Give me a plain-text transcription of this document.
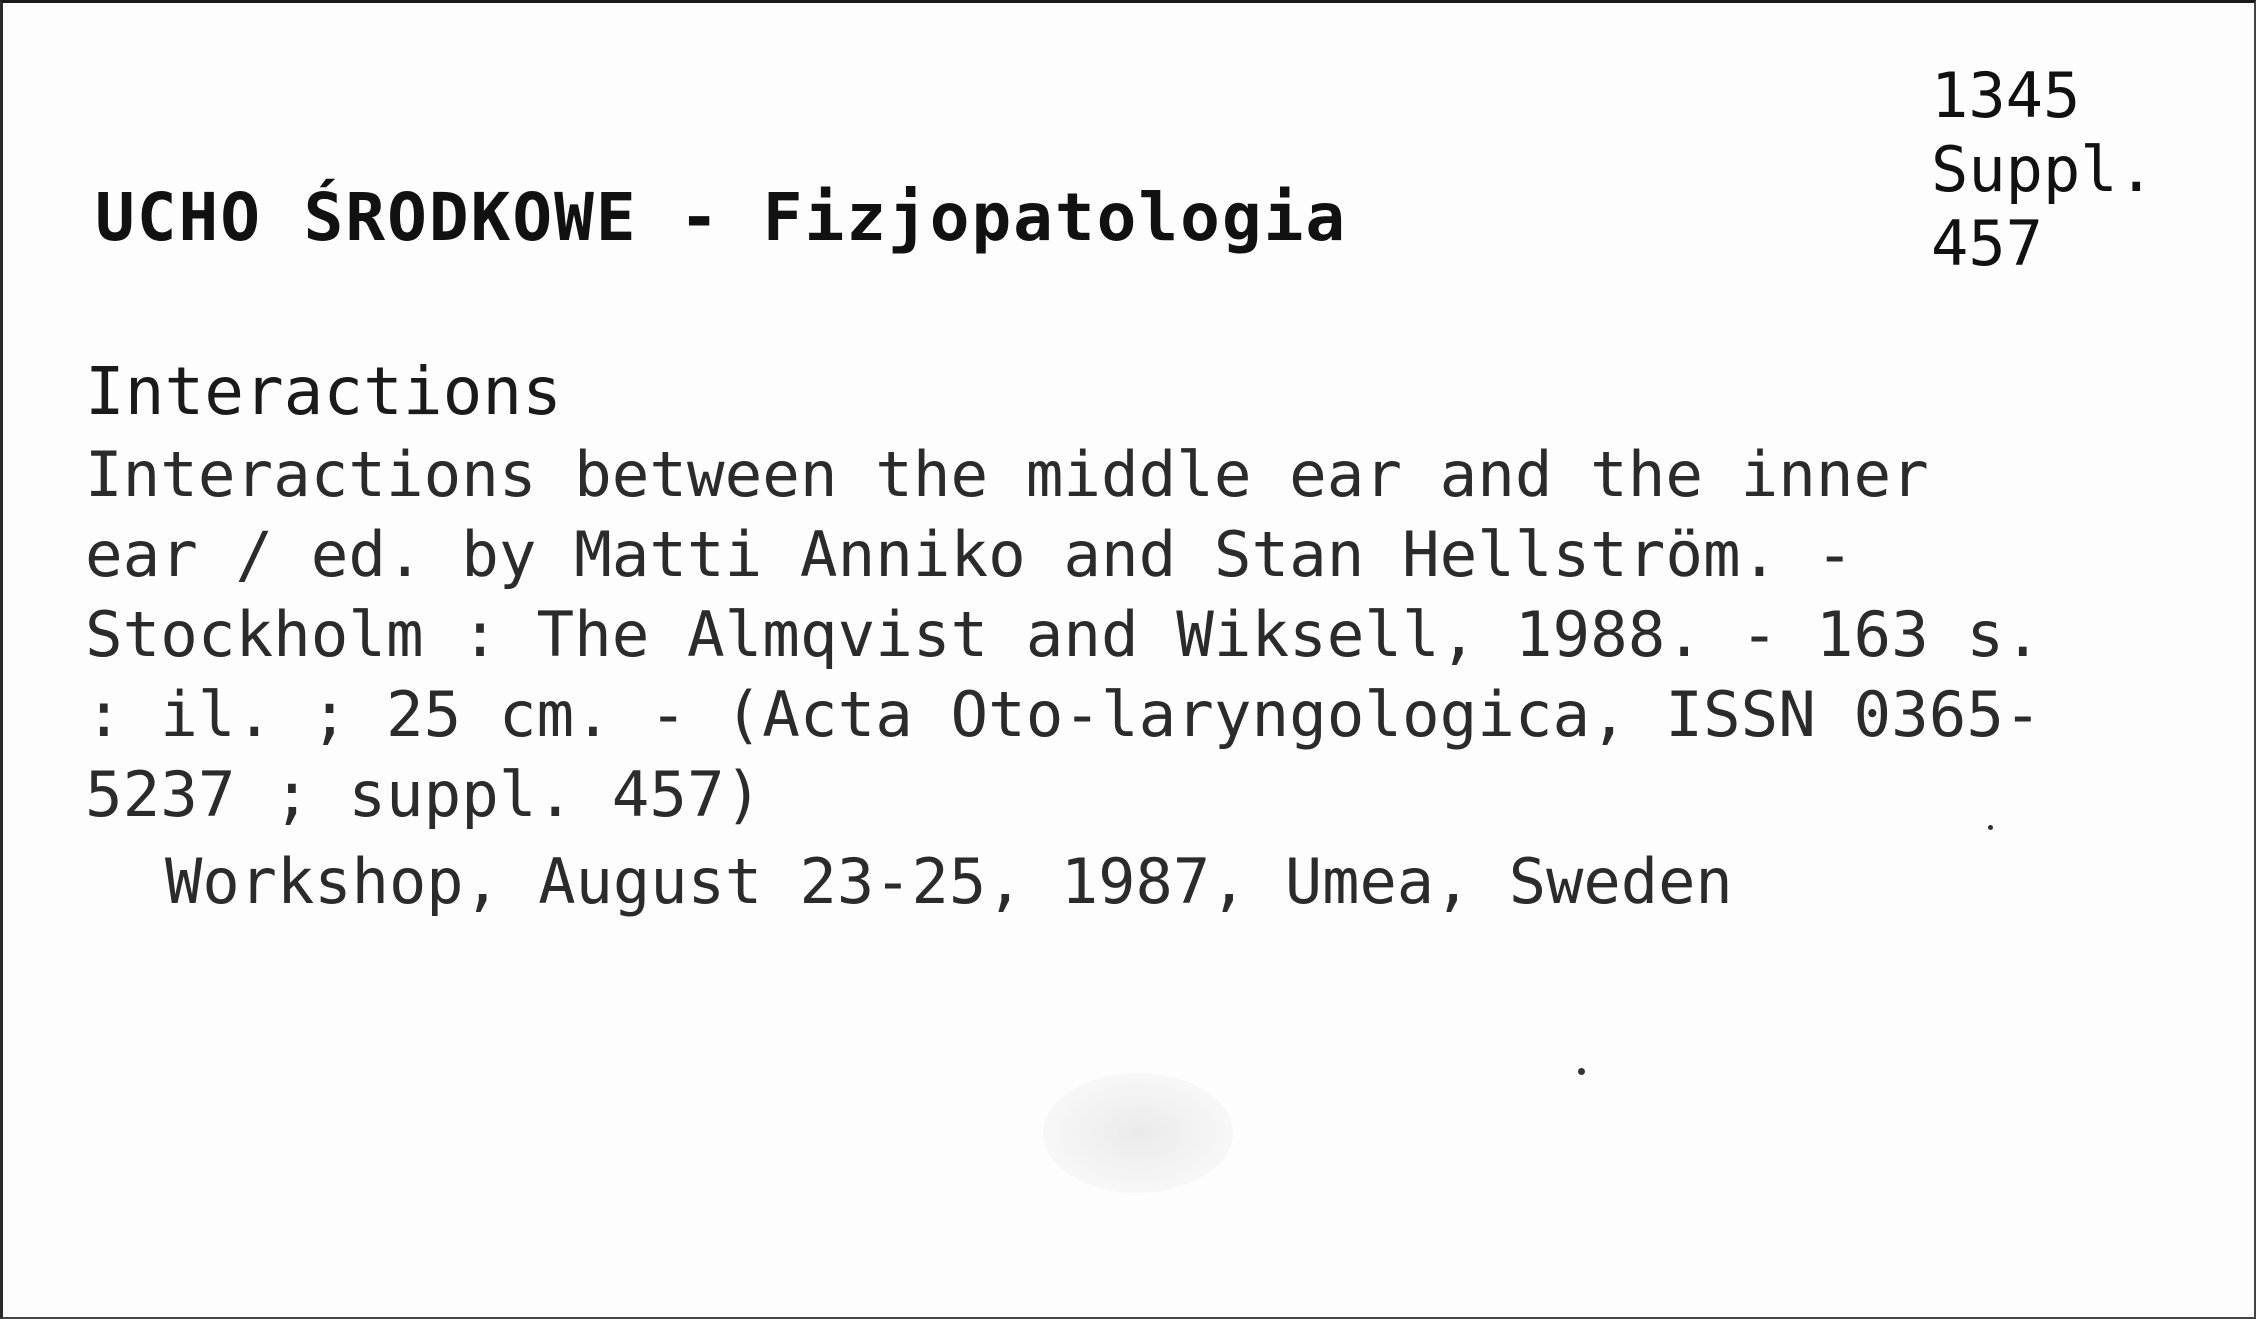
UCHO ŚRODKOWE - Fizjopatologia
1345
Suppl.
457
Interactions
Interactions between the middle ear and the inner
ear / ed. by Matti Anniko and Stan Hellström. -
Stockholm : The Almqvist and Wiksell, 1988. - 163 s.
: il. ; 25 cm. - (Acta Oto-laryngologica, ISSN 0365-
5237 ; suppl. 457)
Workshop, August 23-25, 1987, Umea, Sweden
